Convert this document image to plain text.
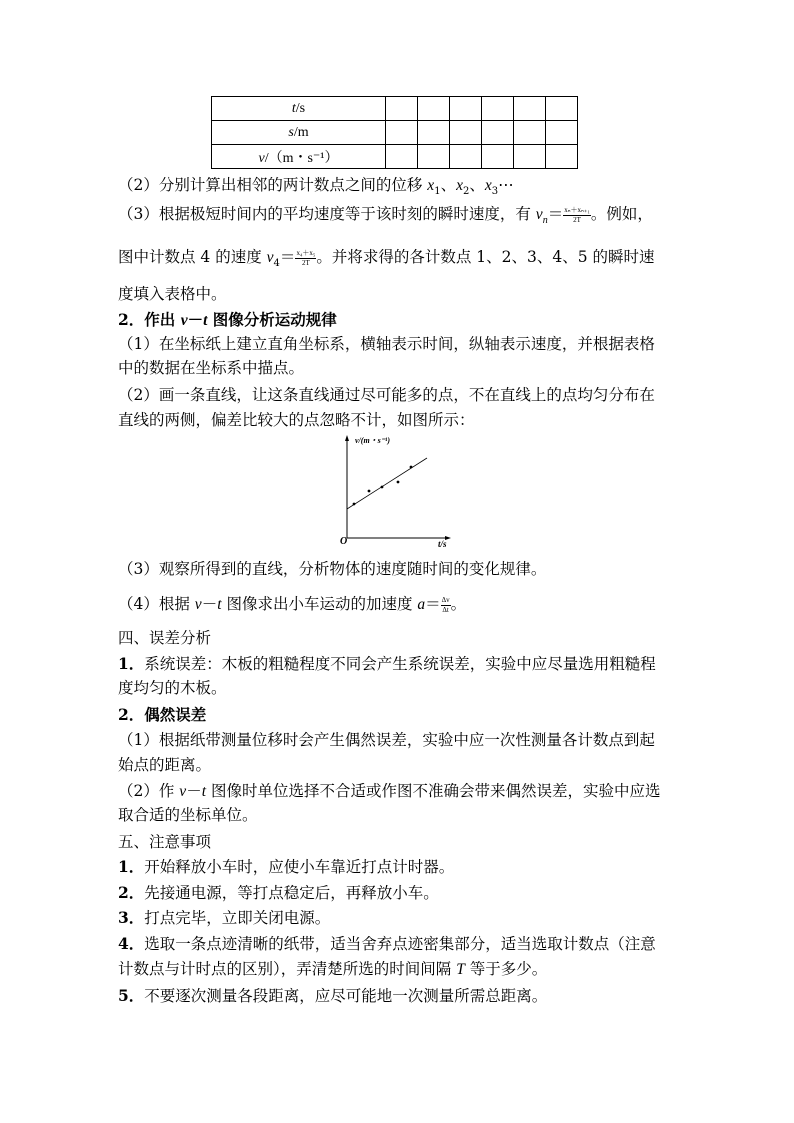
t/s						
s/m						
v/（m・s⁻¹）						
（2）分别计算出相邻的两计数点之间的位移 $x_1$、$x_2$、$x_3\cdots$
（3）根据极短时间内的平均速度等于该时刻的瞬时速度，有 $v_n= \frac{\text{xₙ＋xₙ₊₁}}{2T}$ 。例如，
图中计数点 4 的速度 $v_4= \frac{\text{x₄＋x₅}}{2T}$ 。并将求得的各计数点 1、2、3、4、5 的瞬时速
度填入表格中。
2．作出 v－t 图像分析运动规律
（1）在坐标纸上建立直角坐标系，横轴表示时间，纵轴表示速度，并根据表格
中的数据在坐标系中描点。
（2）画一条直线，让这条直线通过尽可能多的点，不在直线上的点均匀分布在
直线的两侧，偏差比较大的点忽略不计，如图所示：
v/(m・s⁻¹)
O	t/s
（3）观察所得到的直线，分析物体的速度随时间的变化规律。
（4）根据 v－t 图像求出小车运动的加速度 $a= \frac{\Delta v}{\Delta t}$ 。
四、误差分析
1．系统误差：木板的粗糙程度不同会产生系统误差，实验中应尽量选用粗糙程
度均匀的木板。
2．偶然误差
（1）根据纸带测量位移时会产生偶然误差，实验中应一次性测量各计数点到起
始点的距离。
（2）作 v－t 图像时单位选择不合适或作图不准确会带来偶然误差，实验中应选
取合适的坐标单位。
五、注意事项
1．开始释放小车时，应使小车靠近打点计时器。
2．先接通电源，等打点稳定后，再释放小车。
3．打点完毕，立即关闭电源。
4．选取一条点迹清晰的纸带，适当舍弃点迹密集部分，适当选取计数点（注意
计数点与计时点的区别），弄清楚所选的时间间隔 T 等于多少。
5．不要逐次测量各段距离，应尽可能地一次测量所需总距离。
